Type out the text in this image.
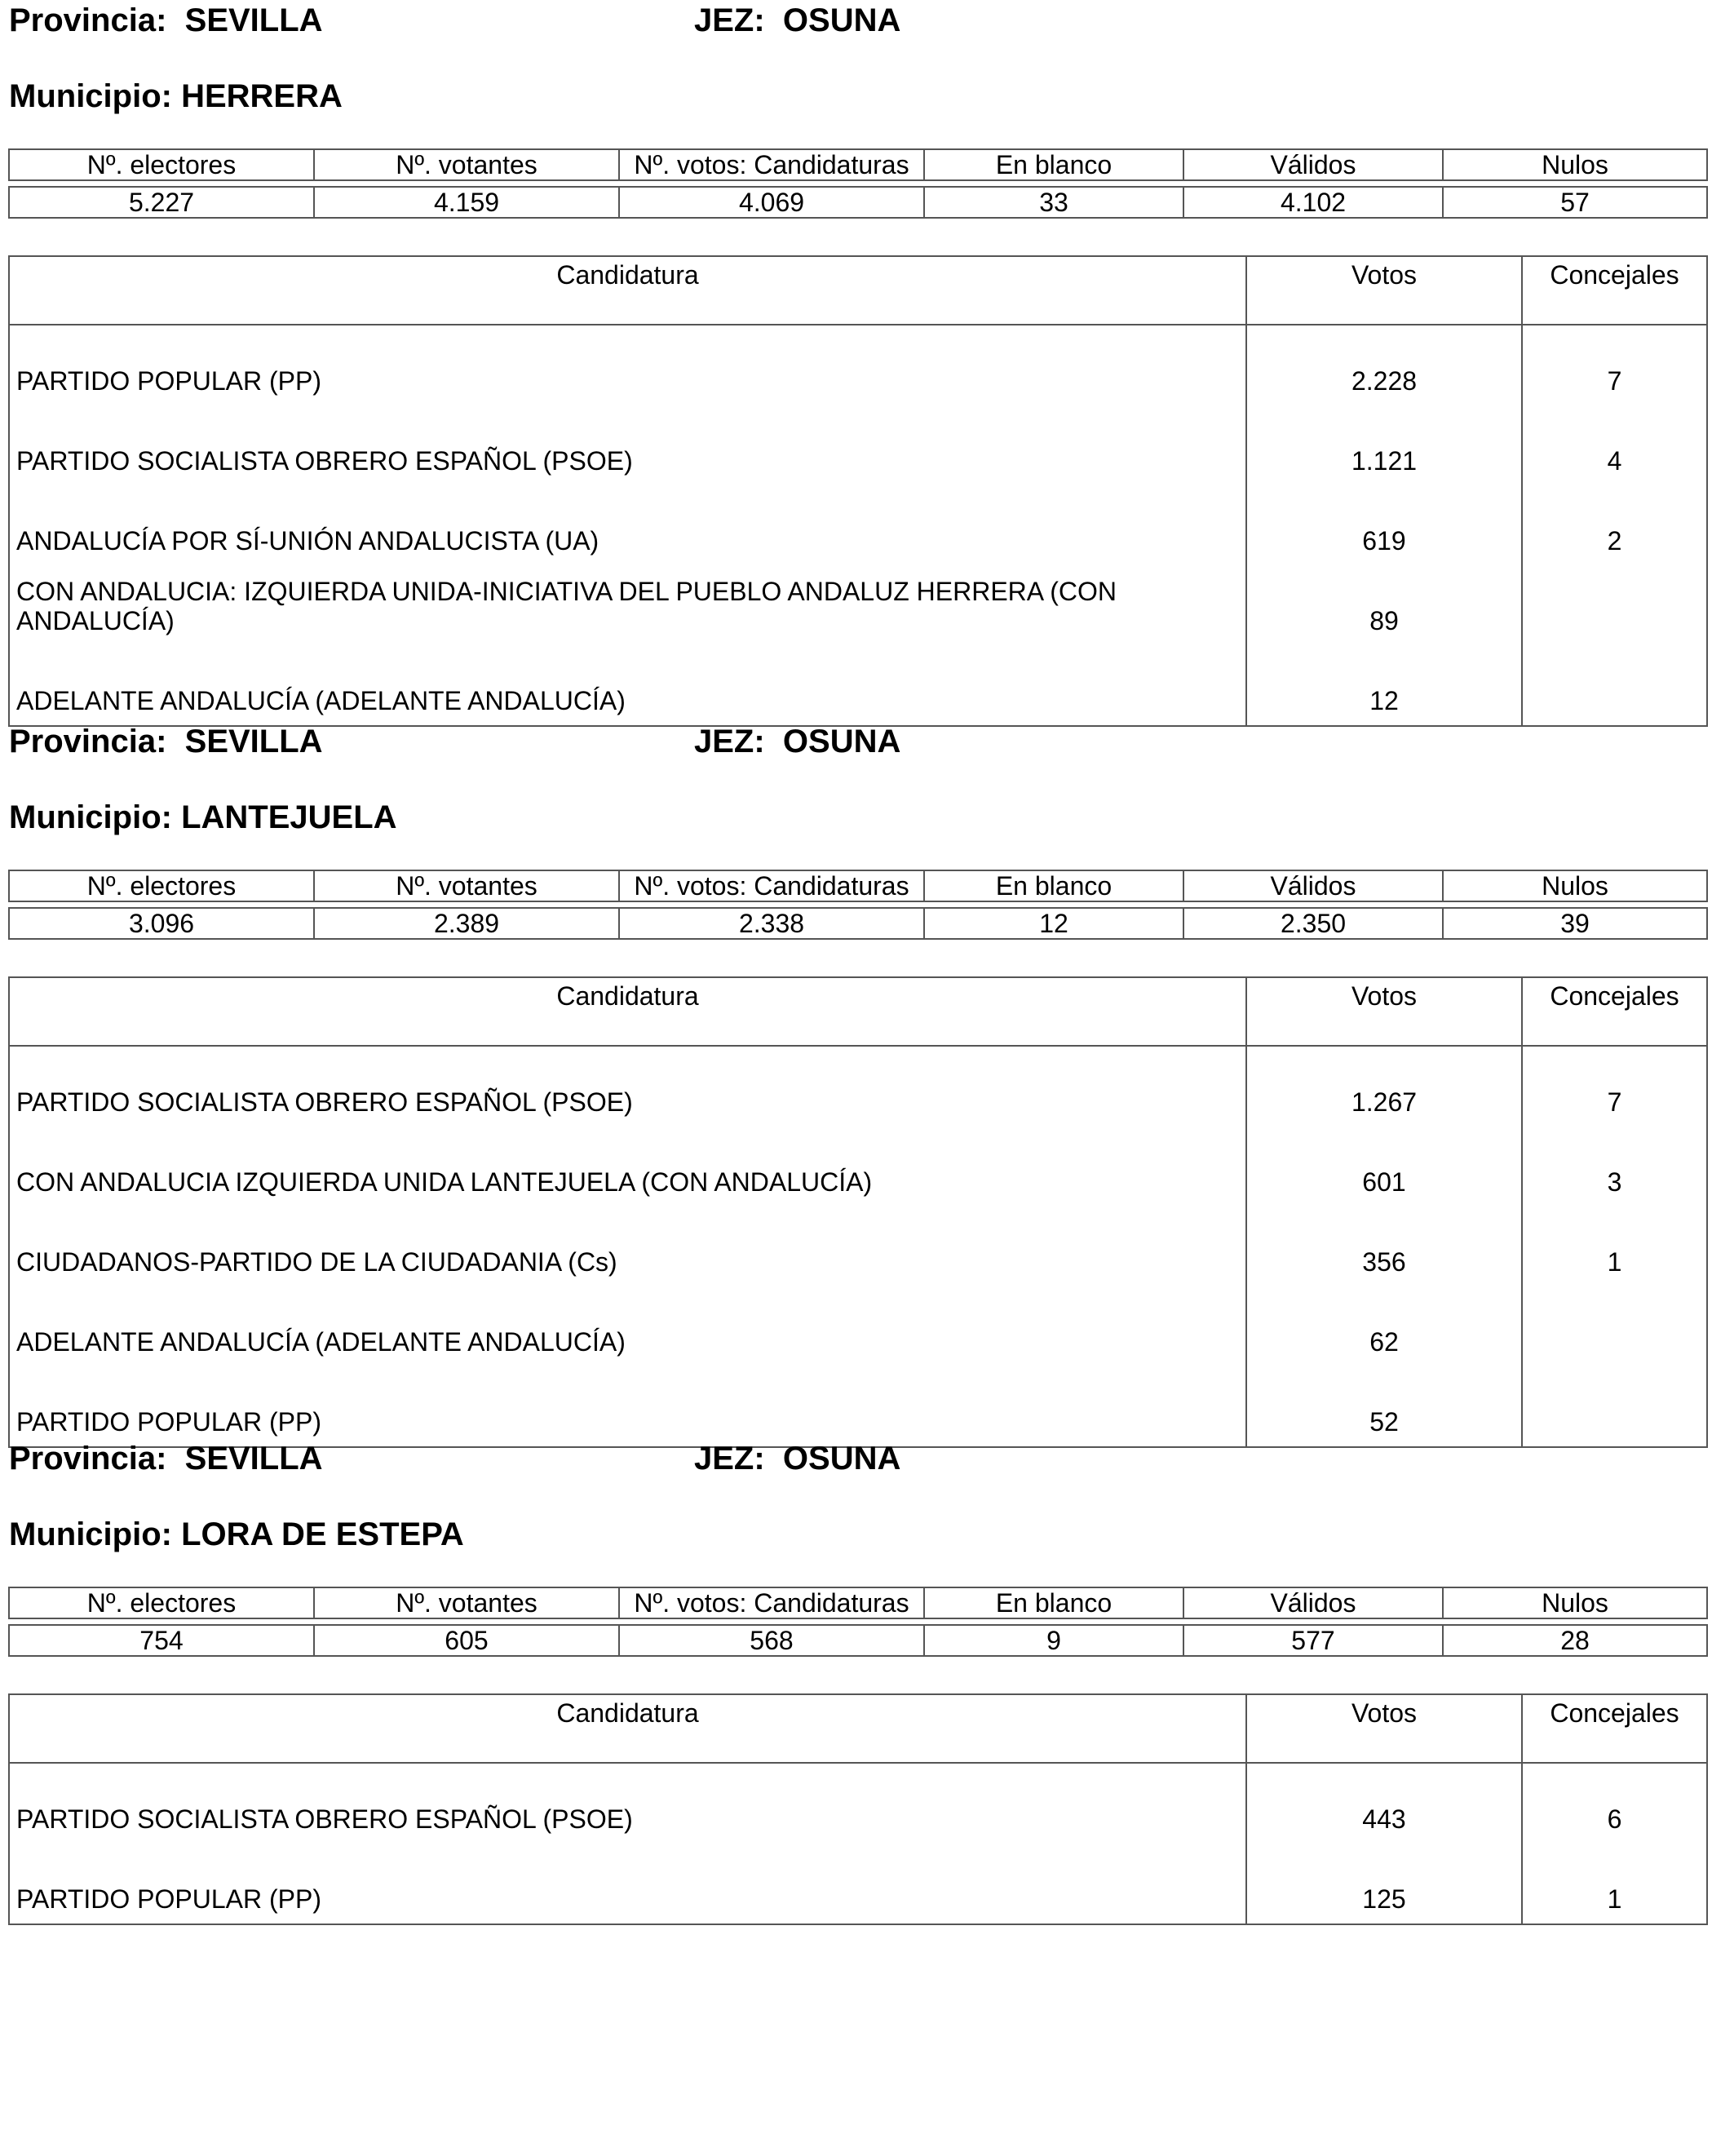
Provincia: SEVILLA	JEZ: OSUNA
Municipio: HERRERA
Nº. electores	Nº. votantes	Nº. votos: Candidaturas	En blanco	Válidos	Nulos

5.227	4.159	4.069	33	4.102	57
Candidatura	Votos	Concejales
PARTIDO POPULAR (PP)	2.228	7
PARTIDO SOCIALISTA OBRERO ESPAÑOL (PSOE)	1.121	4
ANDALUCÍA POR SÍ-UNIÓN ANDALUCISTA (UA)	619	2
CON ANDALUCIA: IZQUIERDA UNIDA-INICIATIVA DEL PUEBLO ANDALUZ HERRERA (CON ANDALUCÍA)	89	
ADELANTE ANDALUCÍA (ADELANTE ANDALUCÍA)	12	
Provincia: SEVILLA	JEZ: OSUNA
Municipio: LANTEJUELA
Nº. electores	Nº. votantes	Nº. votos: Candidaturas	En blanco	Válidos	Nulos

3.096	2.389	2.338	12	2.350	39
Candidatura	Votos	Concejales
PARTIDO SOCIALISTA OBRERO ESPAÑOL (PSOE)	1.267	7
CON ANDALUCIA IZQUIERDA UNIDA LANTEJUELA (CON ANDALUCÍA)	601	3
CIUDADANOS-PARTIDO DE LA CIUDADANIA (Cs)	356	1
ADELANTE ANDALUCÍA (ADELANTE ANDALUCÍA)	62	
PARTIDO POPULAR (PP)	52	
Provincia: SEVILLA	JEZ: OSUNA
Municipio: LORA DE ESTEPA
Nº. electores	Nº. votantes	Nº. votos: Candidaturas	En blanco	Válidos	Nulos

754	605	568	9	577	28
Candidatura	Votos	Concejales
PARTIDO SOCIALISTA OBRERO ESPAÑOL (PSOE)	443	6
PARTIDO POPULAR (PP)	125	1
